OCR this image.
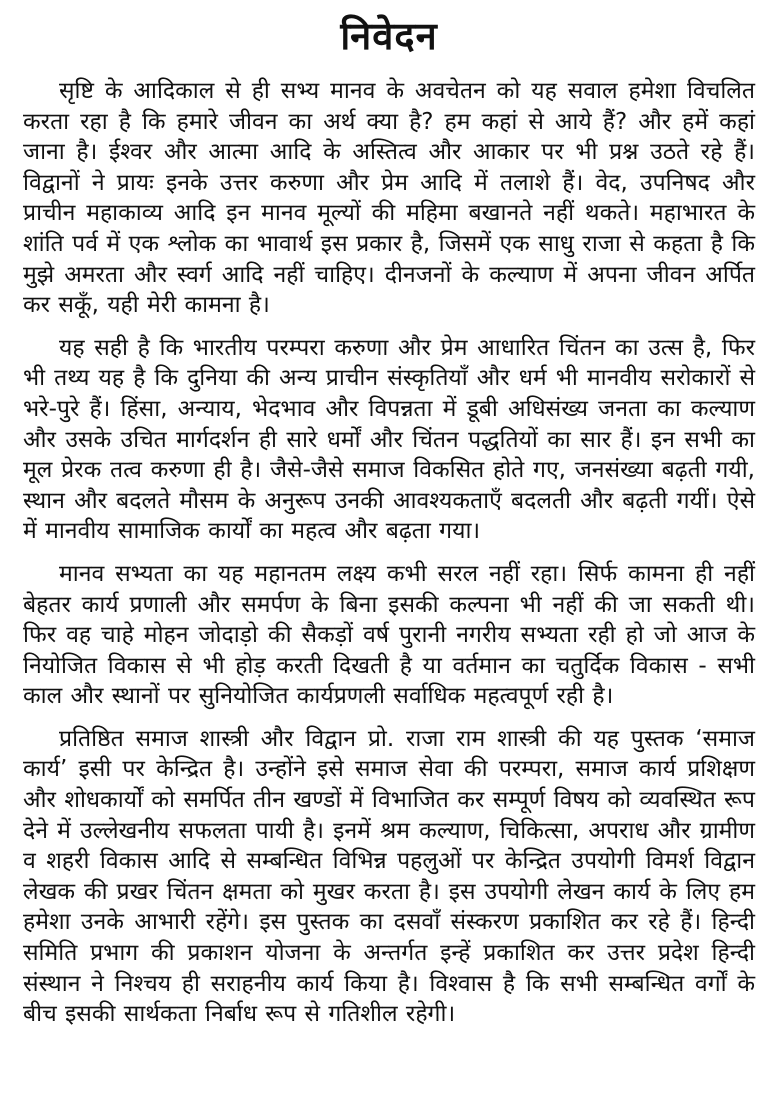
निवेदन

सृष्टि के आदिकाल से ही सभ्य मानव के अवचेतन को यह सवाल हमेशा विचलित करता रहा है कि हमारे जीवन का अर्थ क्या है? हम कहां से आये हैं? और हमें कहां जाना है। ईश्वर और आत्मा आदि के अस्तित्व और आकार पर भी प्रश्न उठते रहे हैं। विद्वानों ने प्रायः इनके उत्तर करुणा और प्रेम आदि में तलाशे हैं। वेद, उपनिषद और प्राचीन महाकाव्य आदि इन मानव मूल्यों की महिमा बखानते नहीं थकते। महाभारत के शांति पर्व में एक श्लोक का भावार्थ इस प्रकार है, जिसमें एक साधु राजा से कहता है कि मुझे अमरता और स्वर्ग आदि नहीं चाहिए। दीनजनों के कल्याण में अपना जीवन अर्पित कर सकूँ, यही मेरी कामना है।

यह सही है कि भारतीय परम्परा करुणा और प्रेम आधारित चिंतन का उत्स है, फिर भी तथ्य यह है कि दुनिया की अन्य प्राचीन संस्कृतियाँ और धर्म भी मानवीय सरोकारों से भरे-पुरे हैं। हिंसा, अन्याय, भेदभाव और विपन्नता में डूबी अधिसंख्य जनता का कल्याण और उसके उचित मार्गदर्शन ही सारे धर्मों और चिंतन पद्धतियों का सार हैं। इन सभी का मूल प्रेरक तत्व करुणा ही है। जैसे-जैसे समाज विकसित होते गए, जनसंख्या बढ़ती गयी, स्थान और बदलते मौसम के अनुरूप उनकी आवश्यकताएँ बदलती और बढ़ती गयीं। ऐसे में मानवीय सामाजिक कार्यों का महत्व और बढ़ता गया।

मानव सभ्यता का यह महानतम लक्ष्य कभी सरल नहीं रहा। सिर्फ कामना ही नहीं बेहतर कार्य प्रणाली और समर्पण के बिना इसकी कल्पना भी नहीं की जा सकती थी। फिर वह चाहे मोहन जोदाड़ो की सैकड़ों वर्ष पुरानी नगरीय सभ्यता रही हो जो आज के नियोजित विकास से भी होड़ करती दिखती है या वर्तमान का चतुर्दिक विकास - सभी काल और स्थानों पर सुनियोजित कार्यप्रणली सर्वाधिक महत्वपूर्ण रही है।

प्रतिष्ठित समाज शास्त्री और विद्वान प्रो. राजा राम शास्त्री की यह पुस्तक ‘समाज कार्य’ इसी पर केन्द्रित है। उन्होंने इसे समाज सेवा की परम्परा, समाज कार्य प्रशिक्षण और शोधकार्यों को समर्पित तीन खण्डों में विभाजित कर सम्पूर्ण विषय को व्यवस्थित रूप देने में उल्लेखनीय सफलता पायी है। इनमें श्रम कल्याण, चिकित्सा, अपराध और ग्रामीण व शहरी विकास आदि से सम्बन्धित विभिन्न पहलुओं पर केन्द्रित उपयोगी विमर्श विद्वान लेखक की प्रखर चिंतन क्षमता को मुखर करता है। इस उपयोगी लेखन कार्य के लिए हम हमेशा उनके आभारी रहेंगे। इस पुस्तक का दसवाँ संस्करण प्रकाशित कर रहे हैं। हिन्दी समिति प्रभाग की प्रकाशन योजना के अन्तर्गत इन्हें प्रकाशित कर उत्तर प्रदेश हिन्दी संस्थान ने निश्चय ही सराहनीय कार्य किया है। विश्वास है कि सभी सम्बन्धित वर्गों के बीच इसकी सार्थकता निर्बाध रूप से गतिशील रहेगी।
